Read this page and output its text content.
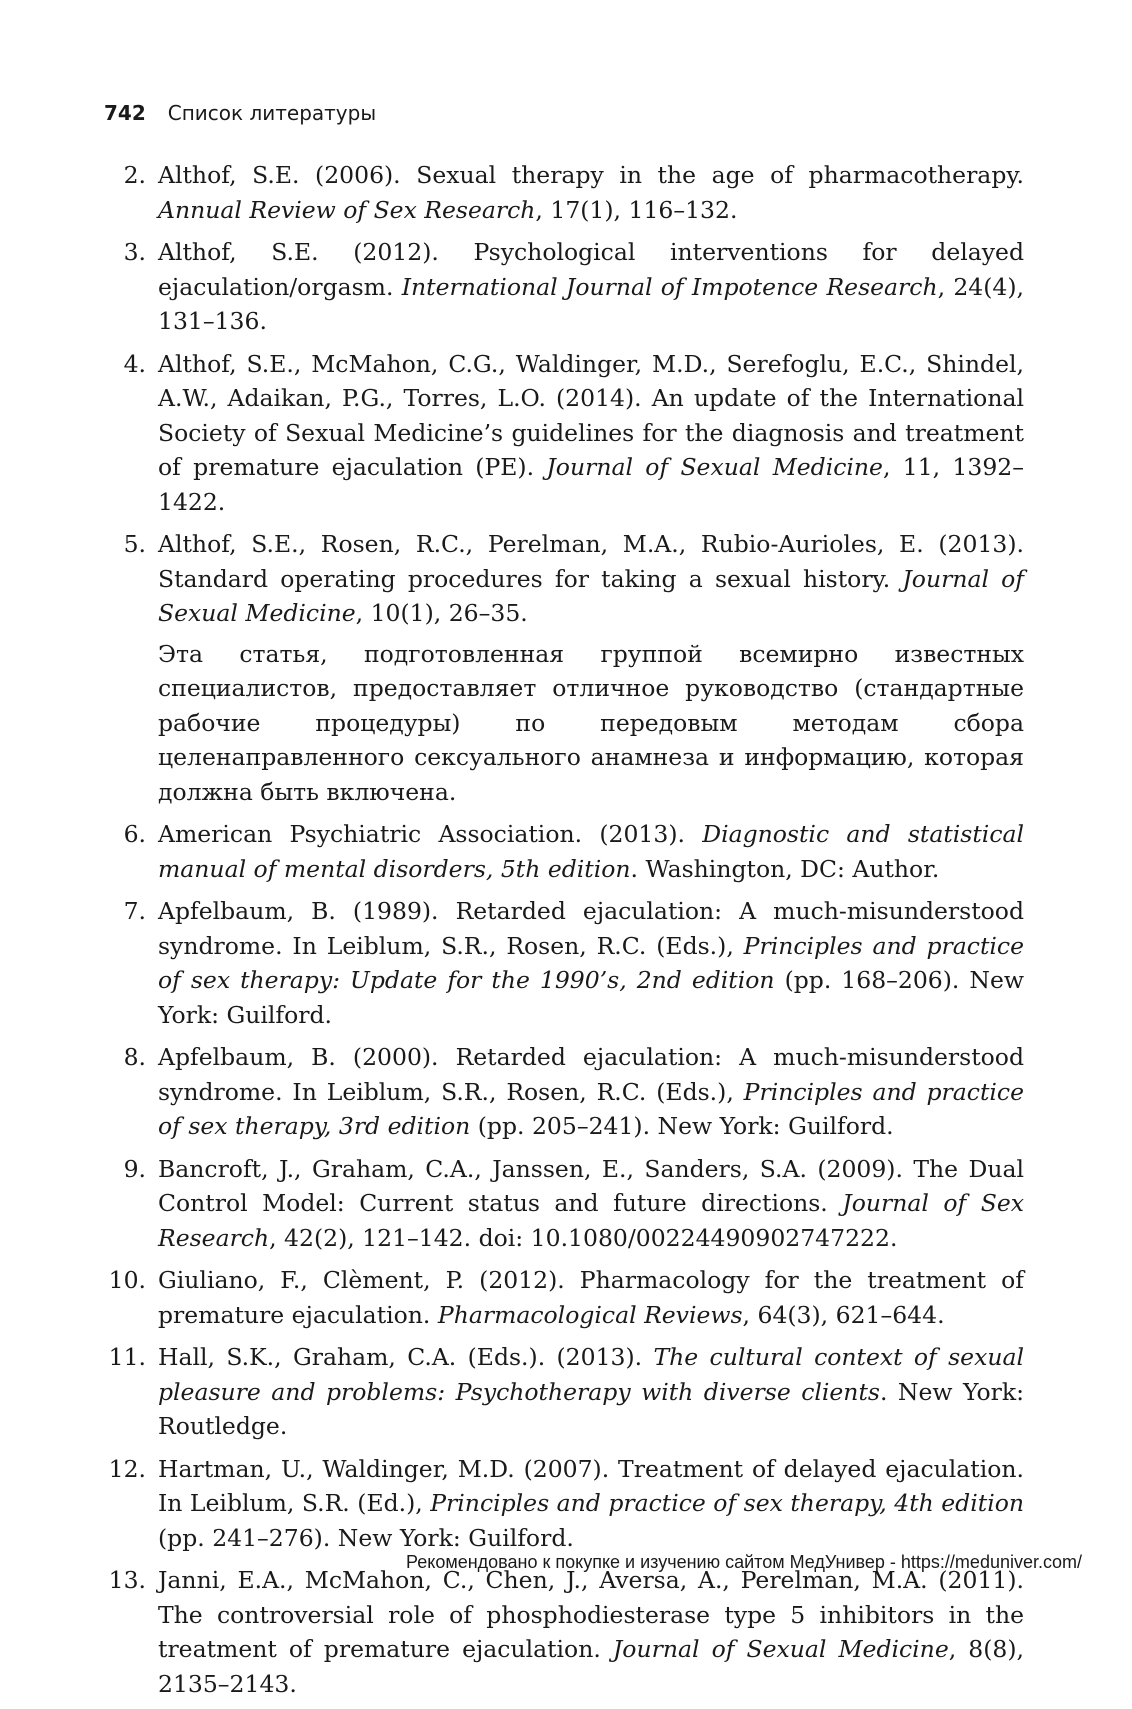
742 Список литературы
2. Althof, S.E. (2006). Sexual therapy in the age of pharmacotherapy. Annual Review of Sex Research, 17(1), 116–132.
3. Althof, S.E. (2012). Psychological interventions for delayed ejaculation/orgasm. International Journal of Impotence Research, 24(4), 131–136.
4. Althof, S.E., McMahon, C.G., Waldinger, M.D., Serefoglu, E.C., Shindel, A.W., Adaikan, P.G., Torres, L.O. (2014). An update of the International Society of Sexual Medicine’s guidelines for the diagnosis and treatment of premature ejaculation (PE). Journal of Sexual Medicine, 11, 1392–1422.
5. Althof, S.E., Rosen, R.C., Perelman, M.A., Rubio-Aurioles, E. (2013). Standard operating procedures for taking a sexual history. Journal of Sexual Medicine, 10(1), 26–35.
Эта статья, подготовленная группой всемирно известных специалистов, предоставляет отличное руководство (стандартные рабочие процедуры) по передовым методам сбора целенаправленного сексуального анамнеза и информацию, которая должна быть включена.
6. American Psychiatric Association. (2013). Diagnostic and statistical manual of mental disorders, 5th edition. Washington, DC: Author.
7. Apfelbaum, B. (1989). Retarded ejaculation: A much-misunderstood syndrome. In Leiblum, S.R., Rosen, R.C. (Eds.), Principles and practice of sex therapy: Update for the 1990’s, 2nd edition (pp. 168–206). New York: Guilford.
8. Apfelbaum, B. (2000). Retarded ejaculation: A much-misunderstood syndrome. In Leiblum, S.R., Rosen, R.C. (Eds.), Principles and practice of sex therapy, 3rd edition (pp. 205–241). New York: Guilford.
9. Bancroft, J., Graham, C.A., Janssen, E., Sanders, S.A. (2009). The Dual Control Model: Current status and future directions. Journal of Sex Research, 42(2), 121–142. doi: 10.1080/00224490902747222.
10. Giuliano, F., Clèment, P. (2012). Pharmacology for the treatment of premature ejaculation. Pharmacological Reviews, 64(3), 621–644.
11. Hall, S.K., Graham, C.A. (Eds.). (2013). The cultural context of sexual pleasure and problems: Psychotherapy with diverse clients. New York: Routledge.
12. Hartman, U., Waldinger, M.D. (2007). Treatment of delayed ejaculation. In Leiblum, S.R. (Ed.), Principles and practice of sex therapy, 4th edition (pp. 241–276). New York: Guilford.
13. Janni, E.A., McMahon, C., Chen, J., Aversa, A., Perelman, M.A. (2011). The controversial role of phosphodiesterase type 5 inhibitors in the treatment of premature ejaculation. Journal of Sexual Medicine, 8(8), 2135–2143.
Рекомендовано к покупке и изучению сайтом МедУнивер - https://meduniver.com/
